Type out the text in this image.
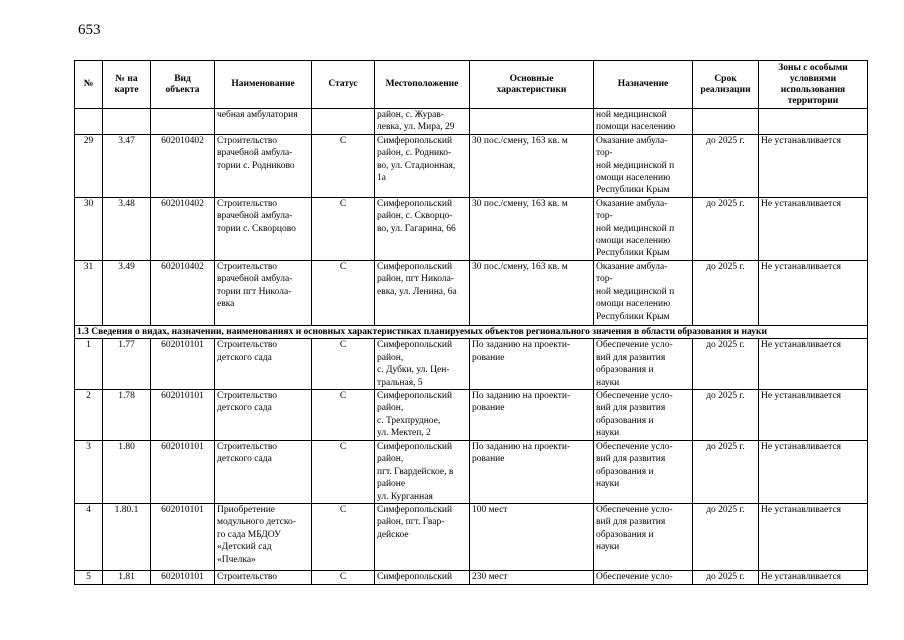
653
№	№ на
карте	Вид
объекта	Наименование	Статус	Местоположение	Основные
характеристики	Назначение	Срок
реализации	Зоны с особыми
условиями
использования
территории
			чебная амбулатория		район, с. Журав-
левка, ул. Мира, 29		ной медицинской
помощи населению		
29	3.47	602010402	Строительство
врачебной амбула-
тории с. Родниково	С	Симферопольский
район, с. Роднико-
во, ул. Стадионная,
1а	30 пос./смену, 163 кв. м	Оказание амбула-
тор-
ной медицинской п
омощи населению
Республики Крым	до 2025 г.	Не устанавливается
30	3.48	602010402	Строительство
врачебной амбула-
тории с. Скворцово	С	Симферопольский
район, с. Скворцо-
во, ул. Гагарина, 66	30 пос./смену, 163 кв. м	Оказание амбула-
тор-
ной медицинской п
омощи населению
Республики Крым	до 2025 г.	Не устанавливается
31	3.49	602010402	Строительство
врачебной амбула-
тории пгт Никола-
евка	С	Симферопольский
район, пгт Никола-
евка, ул. Ленина, 6а	30 пос./смену, 163 кв. м	Оказание амбула-
тор-
ной медицинской п
омощи населению
Республики Крым	до 2025 г.	Не устанавливается
1.3 Сведения о видах, назначении, наименованиях и основных характеристиках планируемых объектов регионального значения в области образования и науки									
1	1.77	602010101	Строительство
детского сада	С	Симферопольский
район,
с. Дубки, ул. Цен-
тральная, 5	По заданию на проекти-
рование	Обеспечение усло-
вий для развития
образования и
науки	до 2025 г.	Не устанавливается
2	1.78	602010101	Строительство
детского сада	С	Симферопольский
район,
с. Трехпрудное,
ул. Мектеп, 2	По заданию на проекти-
рование	Обеспечение усло-
вий для развития
образования и
науки	до 2025 г.	Не устанавливается
3	1.80	602010101	Строительство
детского сада	С	Симферопольский
район,
пгт. Гвардейское, в
районе
ул. Курганная	По заданию на проекти-
рование	Обеспечение усло-
вий для развития
образования и
науки	до 2025 г.	Не устанавливается
4	1.80.1	602010101	Приобретение
модульного детско-
го сада МБДОУ
«Детский сад
«Пчелка»	С	Симферопольский
район, пгт. Гвар-
дейское	100 мест	Обеспечение усло-
вий для развития
образования и
науки	до 2025 г.	Не устанавливается
5	1.81	602010101	Строительство	С	Симферопольский	230 мест	Обеспечение усло-	до 2025 г.	Не устанавливается
